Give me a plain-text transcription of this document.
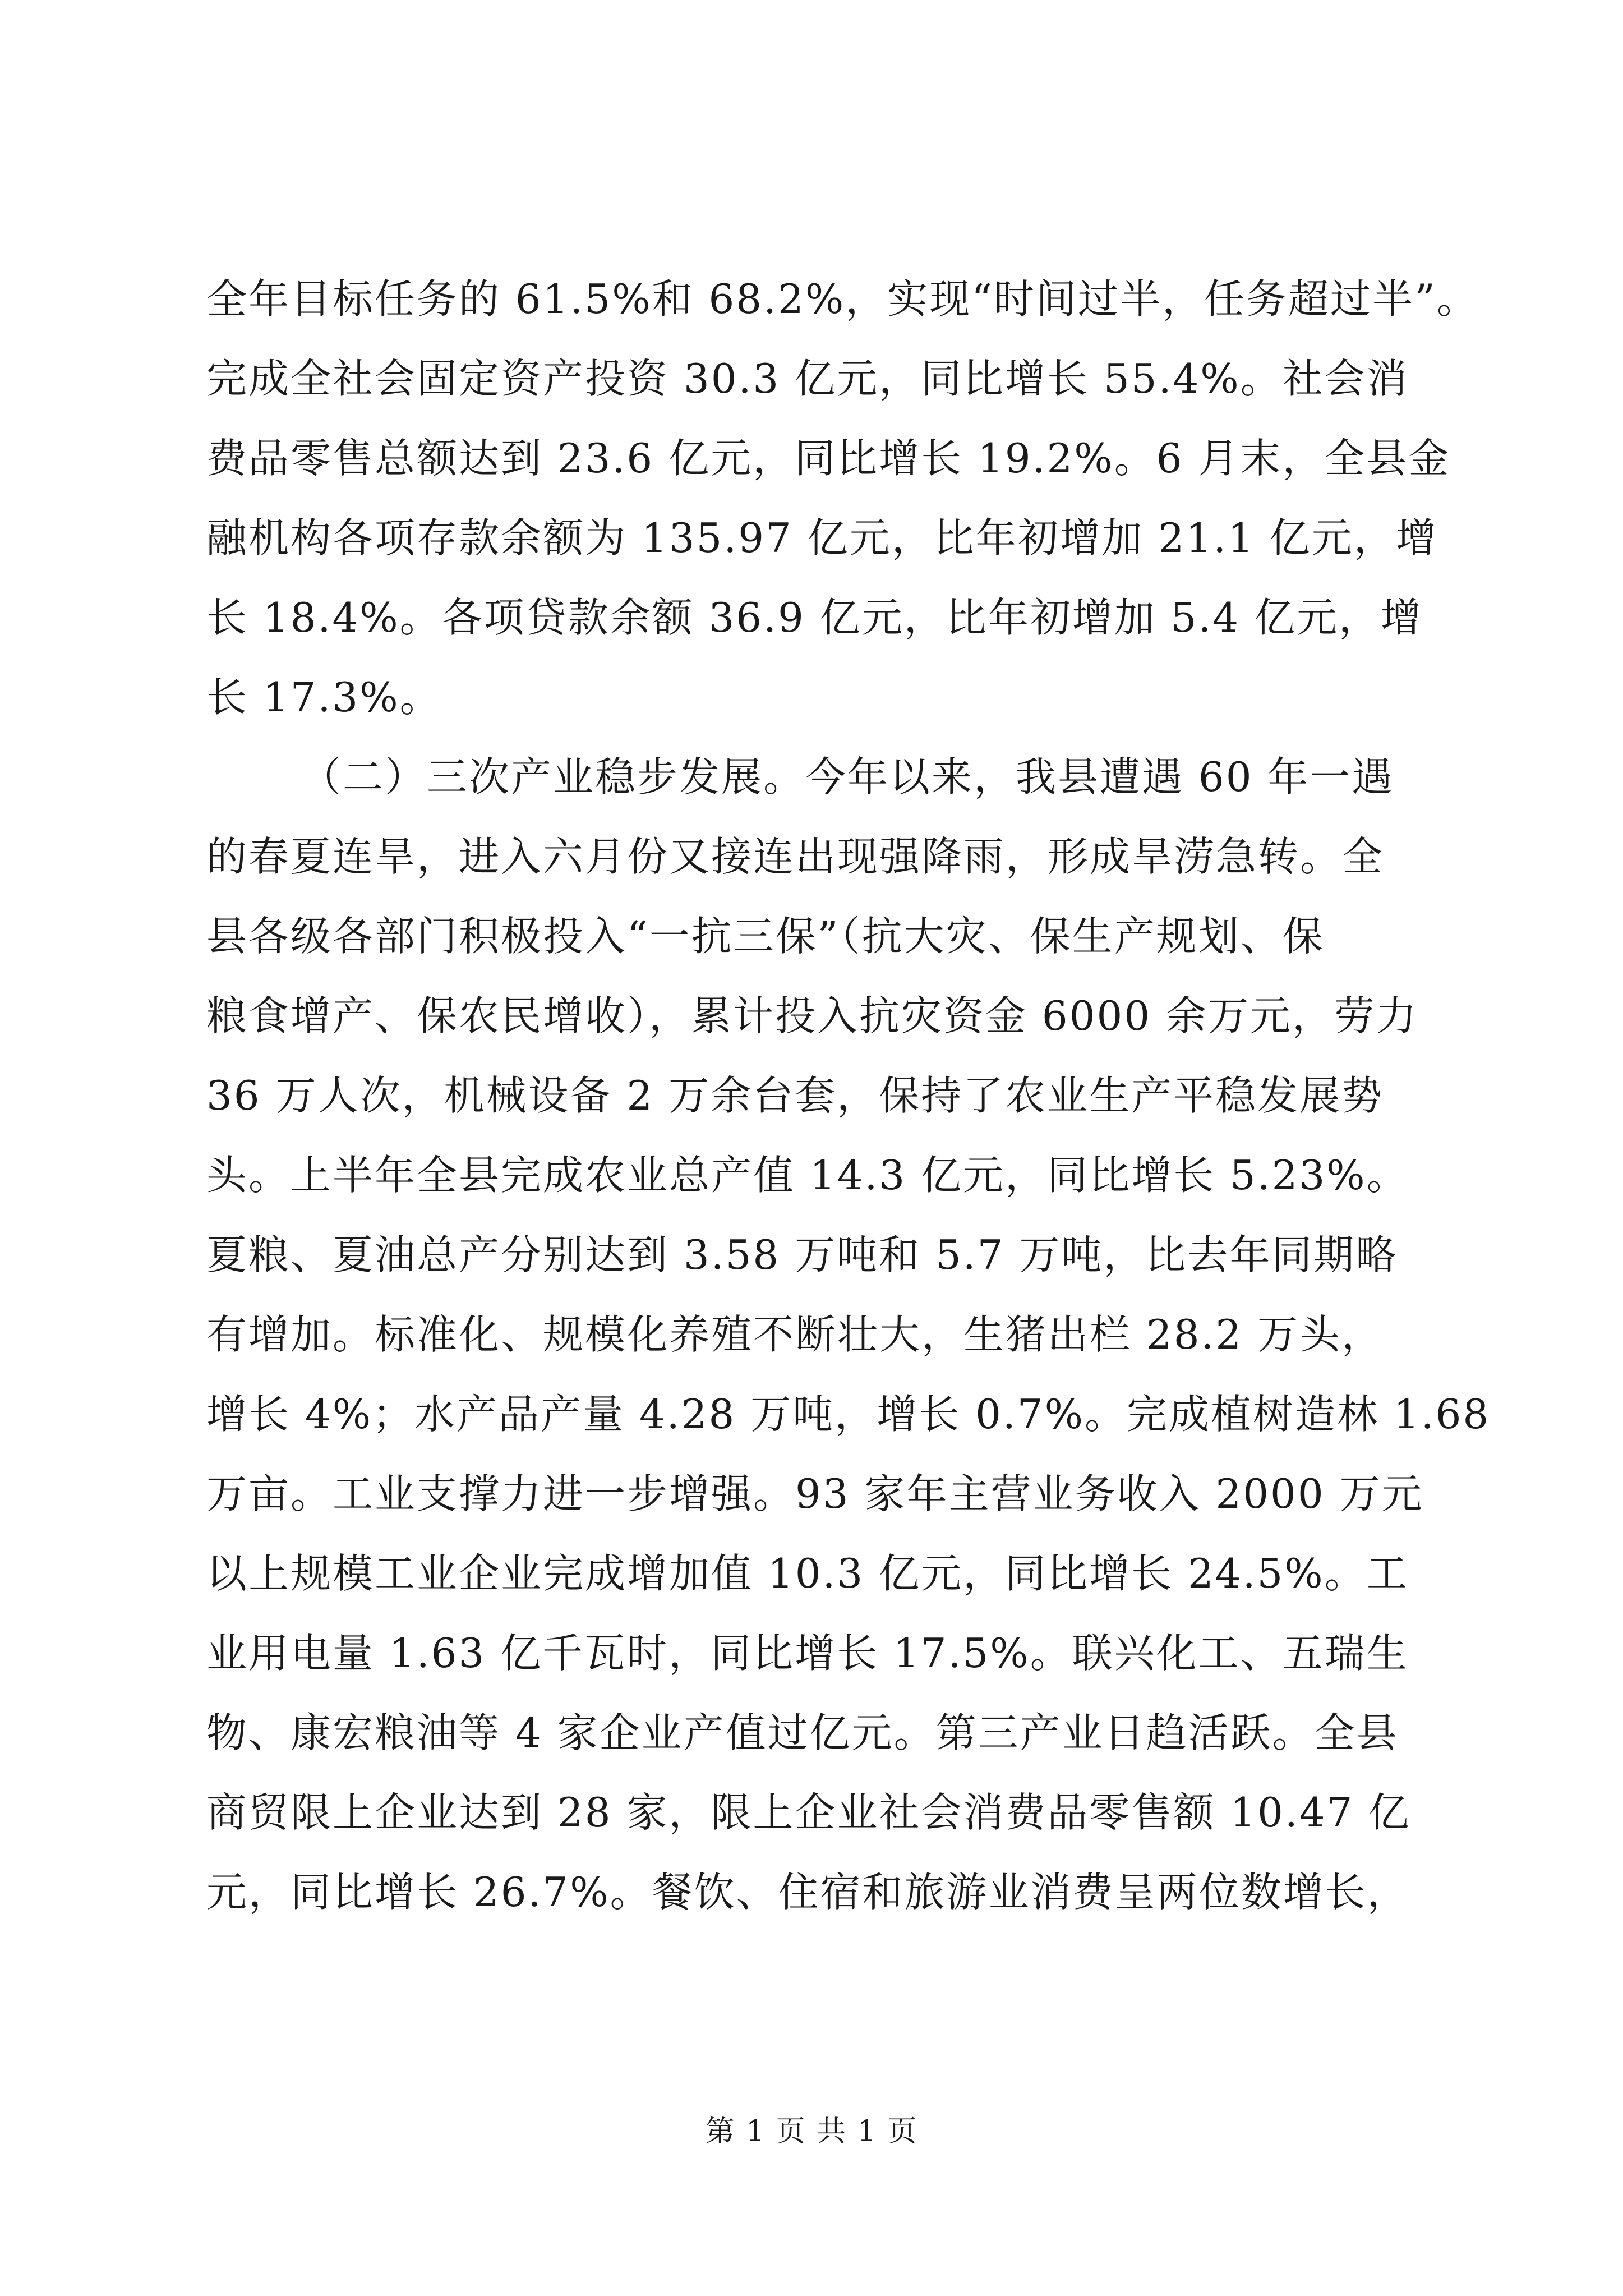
全年目标任务的 61.5%和 68.2%，实现“时间过半，任务超过半”。
完成全社会固定资产投资 30.3 亿元，同比增长 55.4%。社会消
费品零售总额达到 23.6 亿元，同比增长 19.2%。6 月末，全县金
融机构各项存款余额为 135.97 亿元，比年初增加 21.1 亿元，增
长 18.4%。各项贷款余额 36.9 亿元，比年初增加 5.4 亿元，增
长 17.3%。
（二）三次产业稳步发展。今年以来，我县遭遇 60 年一遇
的春夏连旱，进入六月份又接连出现强降雨，形成旱涝急转。全
县各级各部门积极投入“一抗三保”（抗大灾、保生产规划、保
粮食增产、保农民增收），累计投入抗灾资金 6000 余万元，劳力
36 万人次，机械设备 2 万余台套，保持了农业生产平稳发展势
头。上半年全县完成农业总产值 14.3 亿元，同比增长 5.23%。
夏粮、夏油总产分别达到 3.58 万吨和 5.7 万吨，比去年同期略
有增加。标准化、规模化养殖不断壮大，生猪出栏 28.2 万头，
增长 4%；水产品产量 4.28 万吨，增长 0.7%。完成植树造林 1.68
万亩。工业支撑力进一步增强。93 家年主营业务收入 2000 万元
以上规模工业企业完成增加值 10.3 亿元，同比增长 24.5%。工
业用电量 1.63 亿千瓦时，同比增长 17.5%。联兴化工、五瑞生
物、康宏粮油等 4 家企业产值过亿元。第三产业日趋活跃。全县
商贸限上企业达到 28 家，限上企业社会消费品零售额 10.47 亿
元，同比增长 26.7%。餐饮、住宿和旅游业消费呈两位数增长，
第 1 页 共 1 页
